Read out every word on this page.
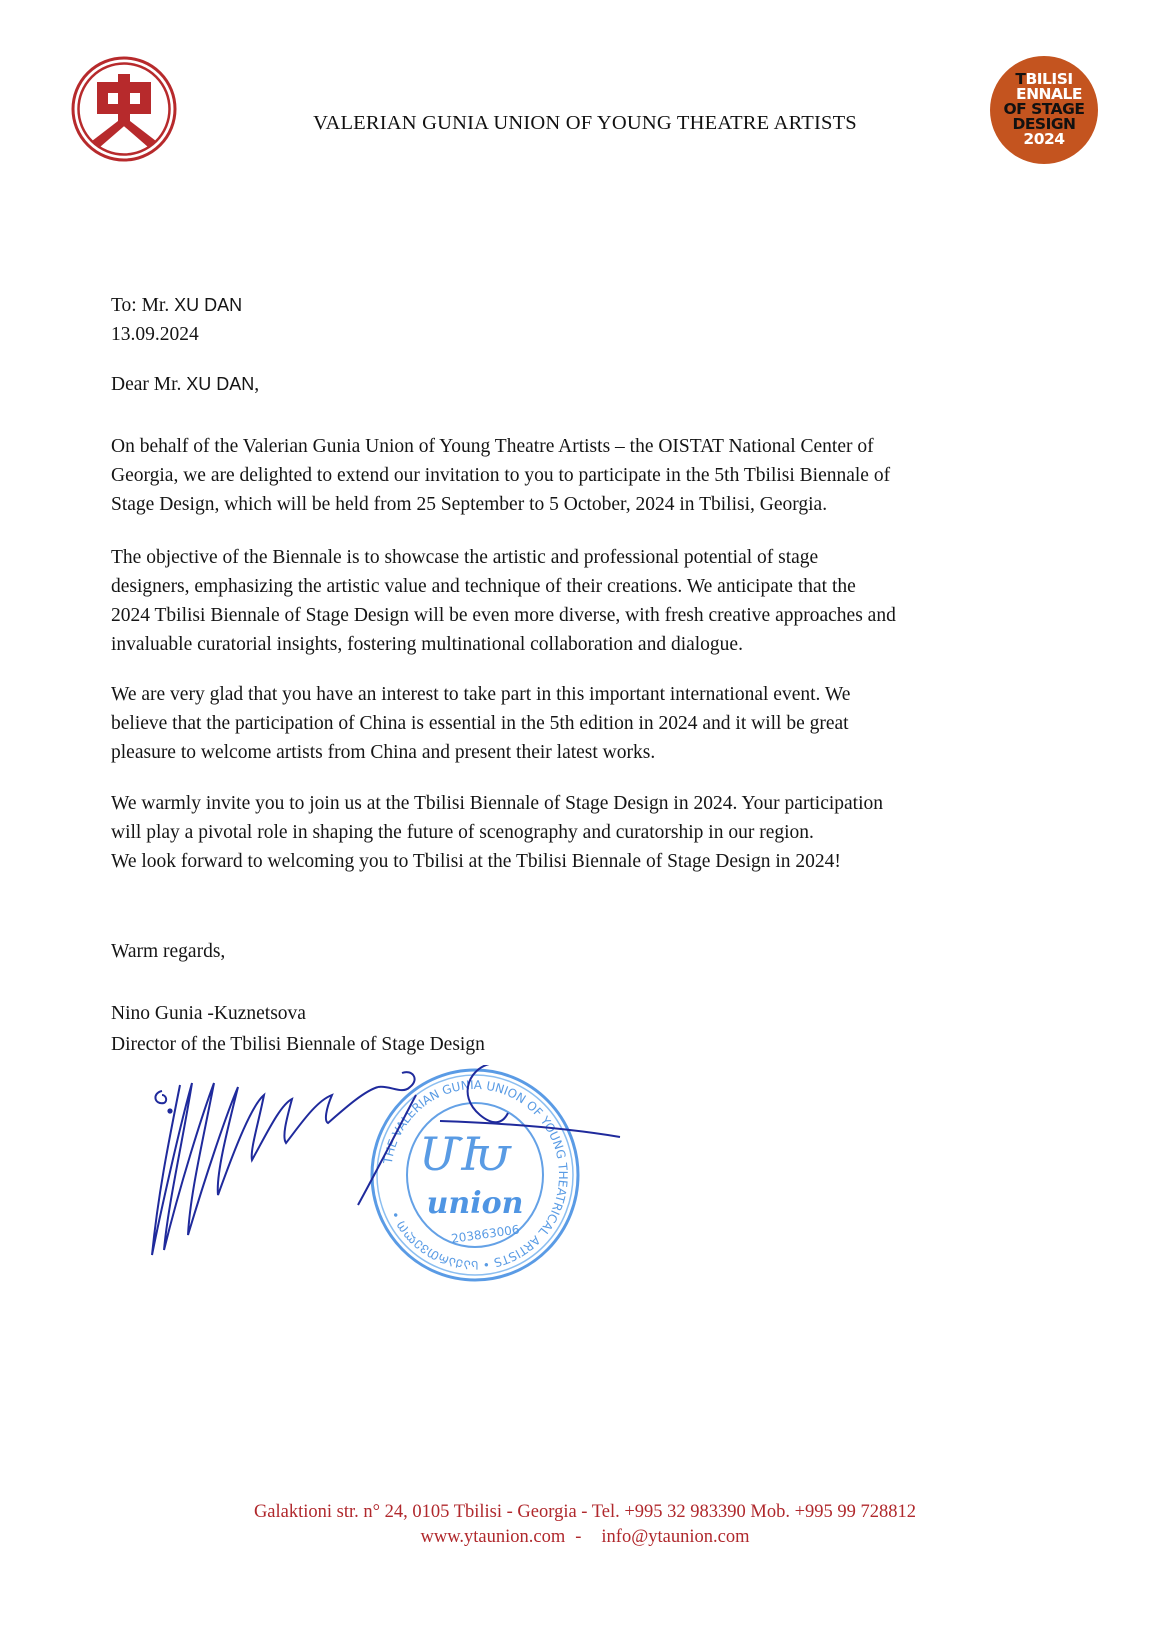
VALERIAN GUNIA UNION OF YOUNG THEATRE ARTISTS
TBILISI
ENNALE
OF STAGE
DESIGN
2024
To: Mr. XU DAN
13.09.2024
Dear Mr. XU DAN,
On behalf of the Valerian Gunia Union of Young Theatre Artists – the OISTAT National Center of
Georgia, we are delighted to extend our invitation to you to participate in the 5th Tbilisi Biennale of
Stage Design, which will be held from 25 September to 5 October, 2024 in Tbilisi, Georgia.
The objective of the Biennale is to showcase the artistic and professional potential of stage
designers, emphasizing the artistic value and technique of their creations. We anticipate that the
2024 Tbilisi Biennale of Stage Design will be even more diverse, with fresh creative approaches and
invaluable curatorial insights, fostering multinational collaboration and dialogue.
We are very glad that you have an interest to take part in this important international event. We
believe that the participation of China is essential in the 5th edition in 2024 and it will be great
pleasure to welcome artists from China and present their latest works.
We warmly invite you to join us at the Tbilisi Biennale of Stage Design in 2024. Your participation
will play a pivotal role in shaping the future of scenography and curatorship in our region.
We look forward to welcoming you to Tbilisi at the Tbilisi Biennale of Stage Design in 2024!
Warm regards,
Nino Gunia -Kuznetsova
Director of the Tbilisi Biennale of Stage Design
THE VALERIAN GUNIA UNION OF YOUNG THEATRICAL ARTISTS • ᲡᲐᲥᲐᲠᲗᲕᲔᲚᲝ •
ՄԽ
union
203863006
Galaktioni str. n° 24, 0105 Tbilisi - Georgia - Tel. +995 32 983390 Mob. +995 99 728812
www.ytaunion.com - info@ytaunion.com
